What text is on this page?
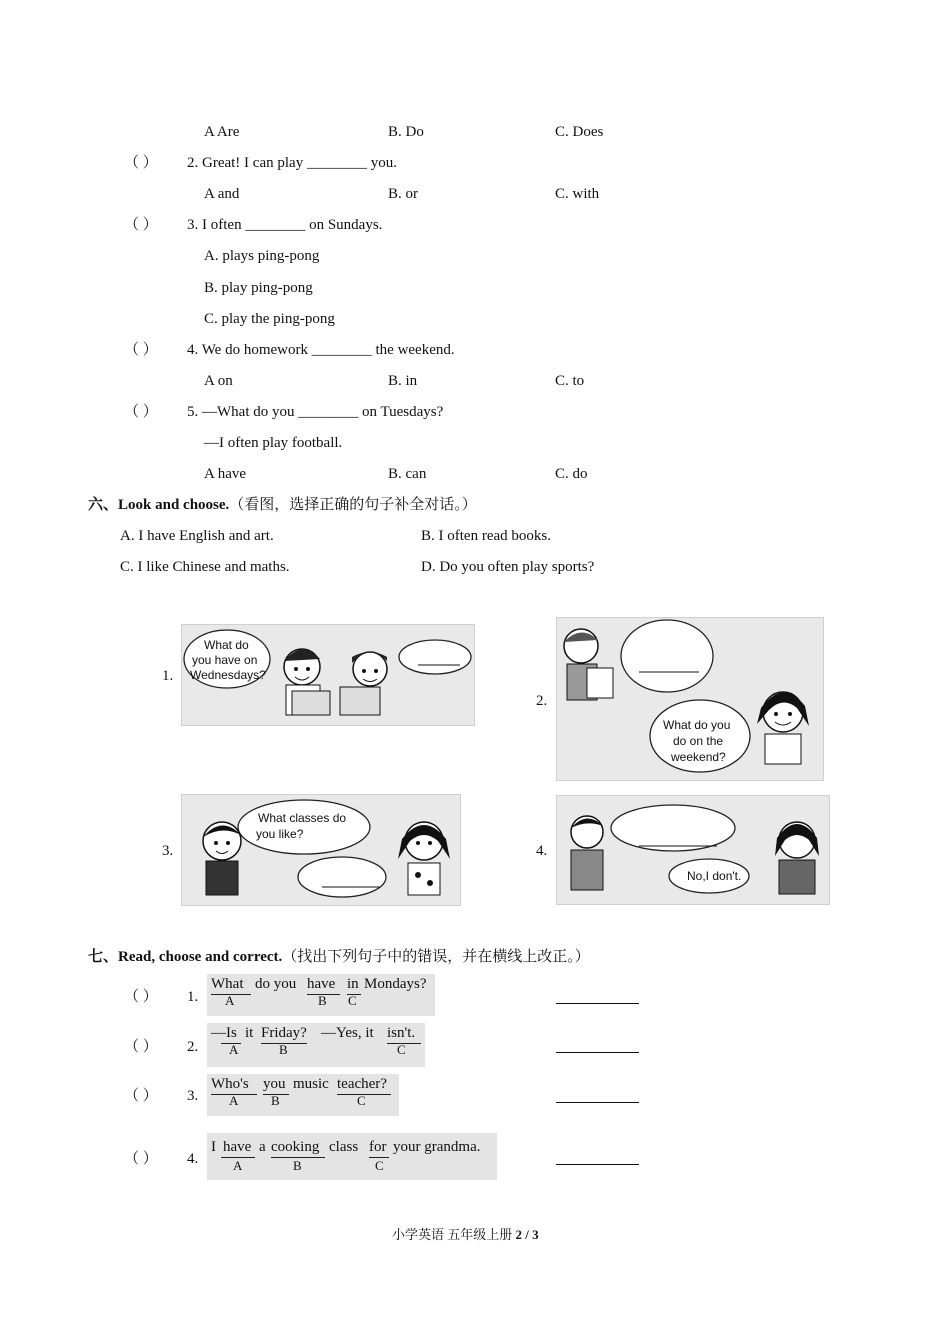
A Are	B. Do	C. Does
（ ） 2. Great! I can play ________ you.
A and	B. or	C. with
（ ） 3. I often ________ on Sundays.
A. plays ping-pong
B. play ping-pong
C. play the ping-pong
（ ） 4. We do homework ________ the weekend.
A on	B. in	C. to
（ ） 5. —What do you ________ on Tuesdays?
—I often play football.
A have	B. can	C. do
六、Look and choose.（看图，选择正确的句子补全对话。）
A. I have English and art.	B. I often read books.
C. I like Chinese and maths.	D. Do you often play sports?
1.
What do
you have on
Wednesdays?
2.
What do you
do on the
weekend?
3.
What classes do
you like?
4.
No,I don't.
七、Read, choose and correct.（找出下列句子中的错误，并在横线上改正。）
（ ） 1.
What do you have in Mondays?
A	B C
（ ） 2.
—Is it Friday? —Yes, it isn't.
A	B	C
（ ） 3.
Who's you music teacher?
A	B	C
（ ） 4.
I have a cooking class for your grandma.
A	B	C
小学英语 五年级上册 2 / 3
